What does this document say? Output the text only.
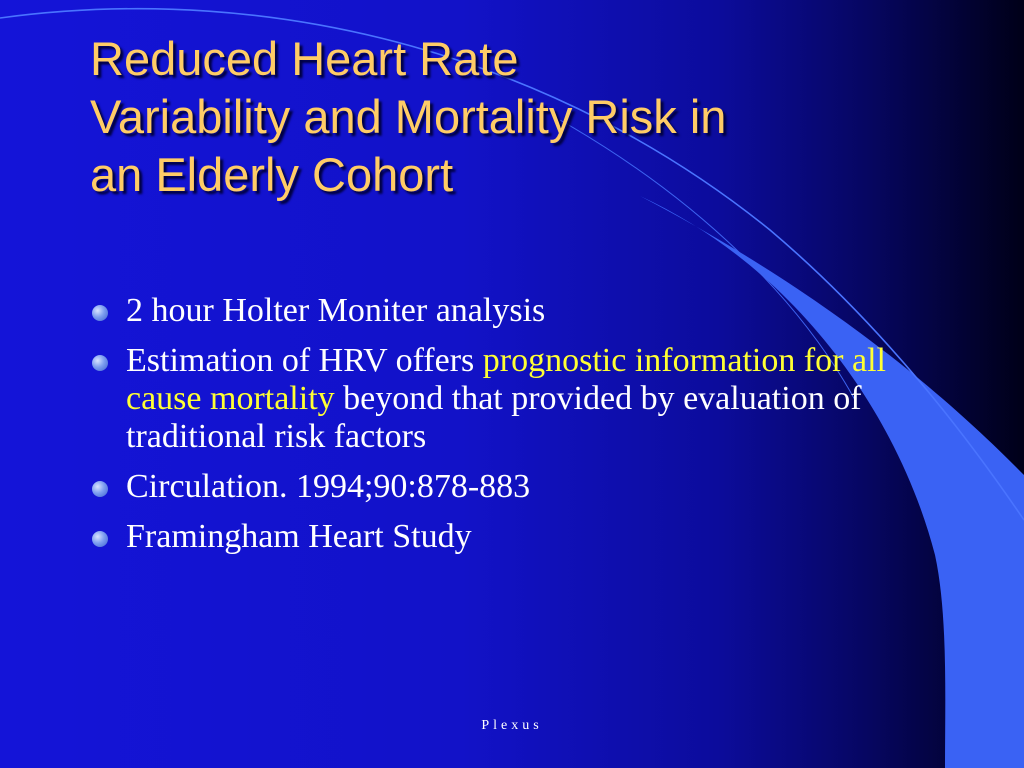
Reduced Heart Rate
Variability and Mortality Risk in
an Elderly Cohort
2 hour Holter Moniter analysis
Estimation of HRV offers prognostic information for all cause mortality beyond that provided by evaluation of traditional risk factors
Circulation. 1994;90:878-883
Framingham Heart Study
Plexus
